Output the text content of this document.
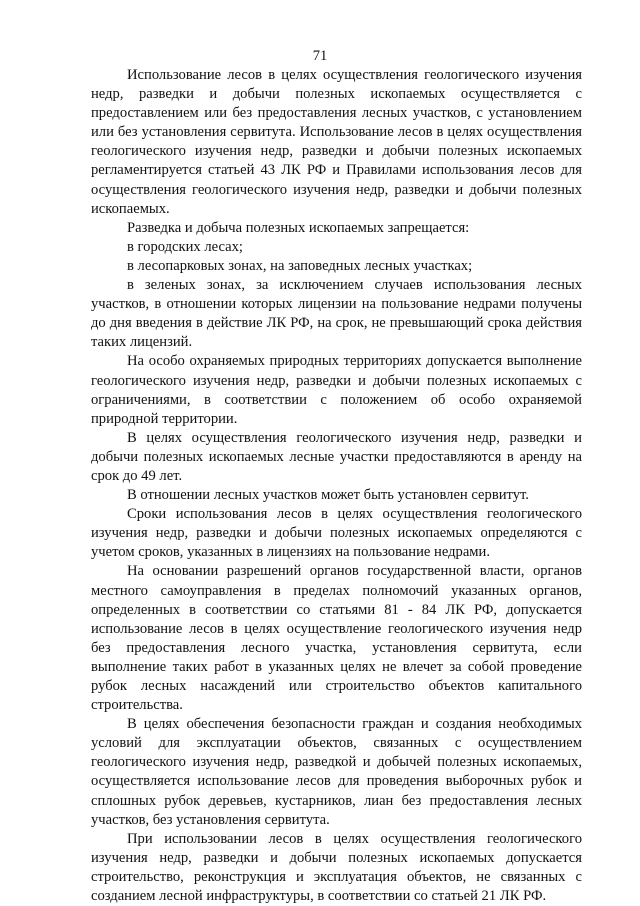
71

Использование лесов в целях осуществления геологического изучения недр, разведки и добычи полезных ископаемых осуществляется с предоставлением или без предоставления лесных участков, с установлением или без установления сервитута. Использование лесов в целях осуществления геологического изучения недр, разведки и добычи полезных ископаемых регламентируется статьей 43 ЛК РФ и Правилами использования лесов для осуществления геологического изучения недр, разведки и добычи полезных ископаемых.

Разведка и добыча полезных ископаемых запрещается:

в городских лесах;

в лесопарковых зонах, на заповедных лесных участках;

в зеленых зонах, за исключением случаев использования лесных участков, в отношении которых лицензии на пользование недрами получены до дня введения в действие ЛК РФ, на срок, не превышающий срока действия таких лицензий.

На особо охраняемых природных территориях допускается выполнение геологического изучения недр, разведки и добычи полезных ископаемых с ограничениями, в соответствии с положением об особо охраняемой природной территории.

В целях осуществления геологического изучения недр, разведки и добычи полезных ископаемых лесные участки предоставляются в аренду на срок до 49 лет.

В отношении лесных участков может быть установлен сервитут.

Сроки использования лесов в целях осуществления геологического изучения недр, разведки и добычи полезных ископаемых определяются с учетом сроков, указанных в лицензиях на пользование недрами.

На основании разрешений органов государственной власти, органов местного самоуправления в пределах полномочий указанных органов, определенных в соответствии со статьями 81 - 84 ЛК РФ, допускается использование лесов в целях осуществление геологического изучения недр без предоставления лесного участка, установления сервитута, если выполнение таких работ в указанных целях не влечет за собой проведение рубок лесных насаждений или строительство объектов капитального строительства.

В целях обеспечения безопасности граждан и создания необходимых условий для эксплуатации объектов, связанных с осуществлением геологического изучения недр, разведкой и добычей полезных ископаемых, осуществляется использование лесов для проведения выборочных рубок и сплошных рубок деревьев, кустарников, лиан без предоставления лесных участков, без установления сервитута.

При использовании лесов в целях осуществления геологического изучения недр, разведки и добычи полезных ископаемых допускается строительство, реконструкция и эксплуатация объектов, не связанных с созданием лесной инфраструктуры, в соответствии со статьей 21 ЛК РФ.
